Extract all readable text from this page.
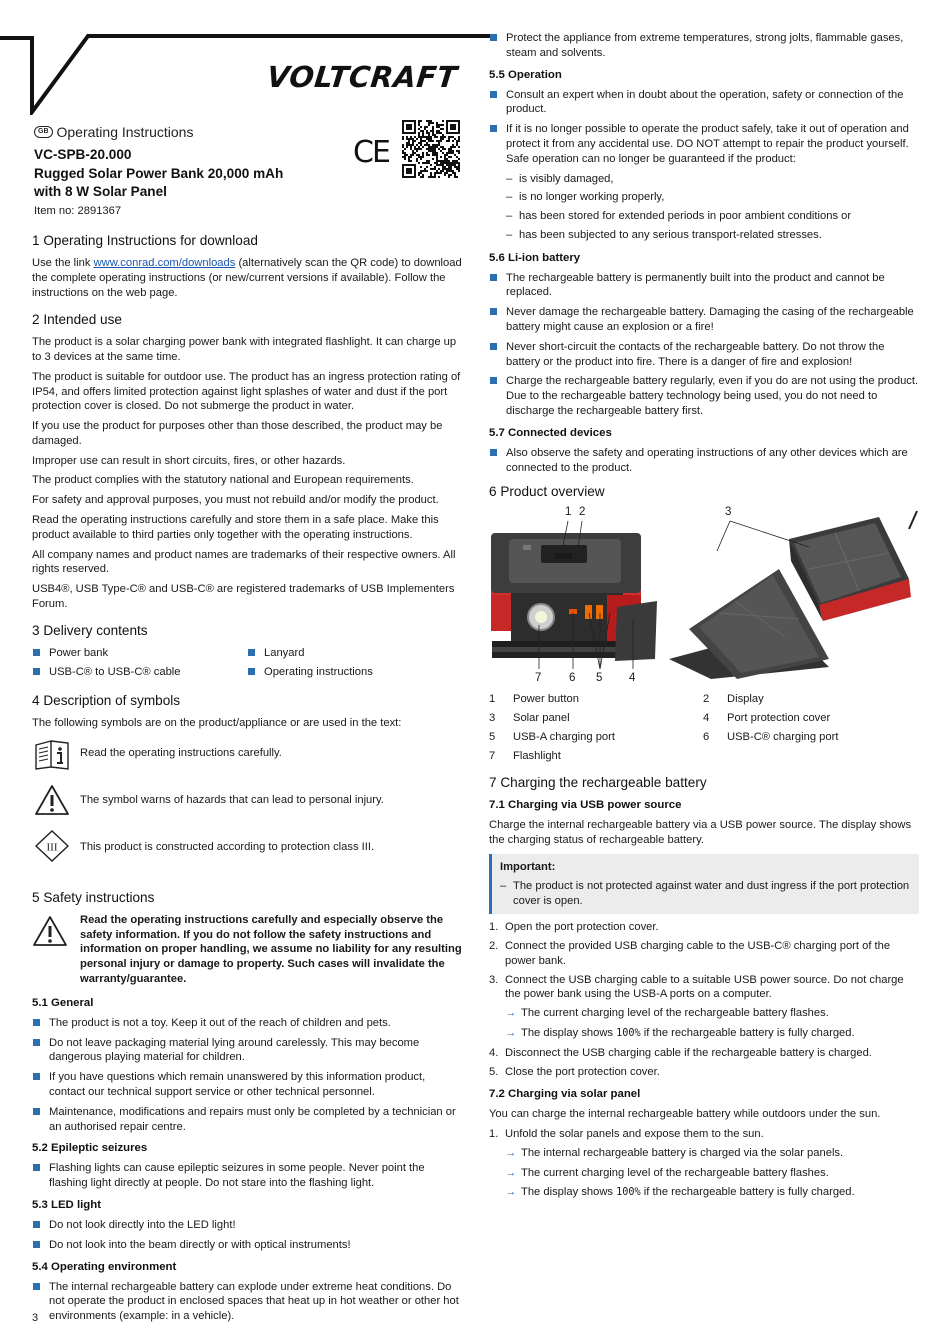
VOLTCRAFT
GB Operating Instructions
VC-SPB-20.000
Rugged Solar Power Bank 20,000 mAh
with 8 W Solar Panel
Item no: 2891367
CE
1 Operating Instructions for download

Use the link www.conrad.com/downloads (alternatively scan the QR code) to download the complete operating instructions (or new/current versions if available). Follow the instructions on the web page.

2 Intended use

The product is a solar charging power bank with integrated flashlight. It can charge up to 3 devices at the same time.

The product is suitable for outdoor use. The product has an ingress protection rating of IP54, and offers limited protection against light splashes of water and dust if the port protection cover is closed. Do not submerge the product in water.

If you use the product for purposes other than those described, the product may be damaged.

Improper use can result in short circuits, fires, or other hazards.

The product complies with the statutory national and European requirements.

For safety and approval purposes, you must not rebuild and/or modify the product.

Read the operating instructions carefully and store them in a safe place. Make this product available to third parties only together with the operating instructions.

All company names and product names are trademarks of their respective owners. All rights reserved.

USB4®, USB Type-C® and USB-C® are registered trademarks of USB Implementers Forum.

3 Delivery contents
Power bank
USB-C® to USB-C® cable
Lanyard
Operating instructions
4 Description of symbols

The following symbols are on the product/appliance or are used in the text:

Read the operating instructions carefully.
The symbol warns of hazards that can lead to personal injury.
III This product is constructed according to protection class III.
5 Safety instructions

Read the operating instructions carefully and especially observe the safety information. If you do not follow the safety instructions and information on proper handling, we assume no liability for any resulting personal injury or damage to property. Such cases will invalidate the warranty/guarantee.

5.1 General
The product is not a toy. Keep it out of the reach of children and pets.
Do not leave packaging material lying around carelessly. This may become dangerous playing material for children.
If you have questions which remain unanswered by this information product, contact our technical support service or other technical personnel.
Maintenance, modifications and repairs must only be completed by a technician or an authorised repair centre.
5.2 Epileptic seizures
Flashing lights can cause epileptic seizures in some people. Never point the flashing light directly at people. Do not stare into the flashing light.
5.3 LED light
Do not look directly into the LED light!
Do not look into the beam directly or with optical instruments!
5.4 Operating environment
The internal rechargeable battery can explode under extreme heat conditions. Do not operate the product in enclosed spaces that heat up in hot weather or other hot environments (example: in a vehicle).
Protect the appliance from extreme temperatures, strong jolts, flammable gases, steam and solvents.
5.5 Operation
Consult an expert when in doubt about the operation, safety or connection of the product.
If it is no longer possible to operate the product safely, take it out of operation and protect it from any accidental use. DO NOT attempt to repair the product yourself. Safe operation can no longer be guaranteed if the product:
– is visibly damaged,
– is no longer working properly,
– has been stored for extended periods in poor ambient conditions or
– has been subjected to any serious transport-related stresses.
5.6 Li-ion battery
The rechargeable battery is permanently built into the product and cannot be replaced.
Never damage the rechargeable battery. Damaging the casing of the rechargeable battery might cause an explosion or a fire!
Never short-circuit the contacts of the rechargeable battery. Do not throw the battery or the product into fire. There is a danger of fire and explosion!
Charge the rechargeable battery regularly, even if you do are not using the product. Due to the rechargeable battery technology being used, you do not need to discharge the rechargeable battery first.
5.7 Connected devices
Also observe the safety and operating instructions of any other devices which are connected to the product.
6 Product overview
1 2	3
4
5
6
7
1	Power button	2	Display
3	Solar panel	4	Port protection cover
5	USB-A charging port	6	USB-C® charging port
7	Flashlight
7 Charging the rechargeable battery
7.1 Charging via USB power source

Charge the internal rechargeable battery via a USB power source. The display shows the charging status of rechargeable battery.

Important:
– The product is not protected against water and dust ingress if the port protection cover is open.
1. Open the port protection cover.
2. Connect the provided USB charging cable to the USB-C® charging port of the power bank.
3. Connect the USB charging cable to a suitable USB power source. Do not charge the power bank using the USB-A ports on a computer.
→ The current charging level of the rechargeable battery flashes.
→ The display shows 100% if the rechargeable battery is fully charged.
4. Disconnect the USB charging cable if the rechargeable battery is charged.
5. Close the port protection cover.
7.2 Charging via solar panel

You can charge the internal rechargeable battery while outdoors under the sun.

1. Unfold the solar panels and expose them to the sun.
→ The internal rechargeable battery is charged via the solar panels.
→ The current charging level of the rechargeable battery flashes.
→ The display shows 100% if the rechargeable battery is fully charged.
3
